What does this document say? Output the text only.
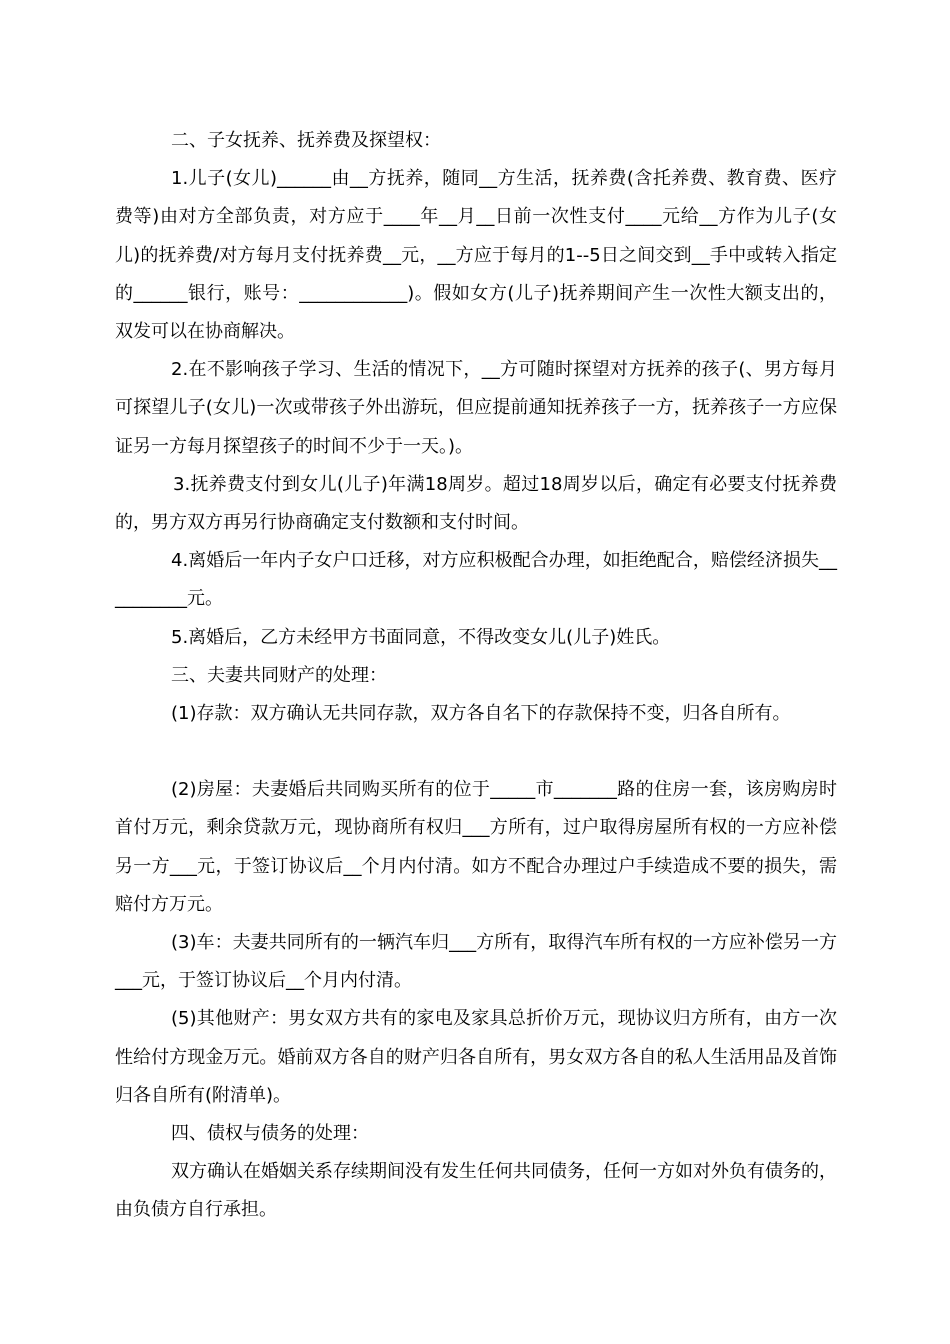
二、子女抚养、抚养费及探望权：

1.儿子(女儿)______由__方抚养，随同__方生活，抚养费(含托养费、教育费、医疗费等)由对方全部负责，对方应于____年__月__日前一次性支付____元给__方作为儿子(女儿)的抚养费/对方每月支付抚养费__元，__方应于每月的1--5日之间交到__手中或转入指定的______银行，账号：____________)。假如女方(儿子)抚养期间产生一次性大额支出的，双发可以在协商解决。

2.在不影响孩子学习、生活的情况下，__方可随时探望对方抚养的孩子(、男方每月可探望儿子(女儿)一次或带孩子外出游玩，但应提前通知抚养孩子一方，抚养孩子一方应保证另一方每月探望孩子的时间不少于一天。)。

3.抚养费支付到女儿(儿子)年满18周岁。超过18周岁以后，确定有必要支付抚养费的，男方双方再另行协商确定支付数额和支付时间。

4.离婚后一年内子女户口迁移，对方应积极配合办理，如拒绝配合，赔偿经济损失__________元。

5.离婚后，乙方未经甲方书面同意，不得改变女儿(儿子)姓氏。

三、夫妻共同财产的处理：

(1)存款：双方确认无共同存款，双方各自名下的存款保持不变，归各自所有。

(2)房屋：夫妻婚后共同购买所有的位于_____市_______路的住房一套，该房购房时首付万元，剩余贷款万元，现协商所有权归___方所有，过户取得房屋所有权的一方应补偿另一方___元，于签订协议后__个月内付清。如方不配合办理过户手续造成不要的损失，需赔付方万元。

(3)车：夫妻共同所有的一辆汽车归___方所有，取得汽车所有权的一方应补偿另一方___元，于签订协议后__个月内付清。

(5)其他财产：男女双方共有的家电及家具总折价万元，现协议归方所有，由方一次性给付方现金万元。婚前双方各自的财产归各自所有，男女双方各自的私人生活用品及首饰归各自所有(附清单)。

四、债权与债务的处理：

双方确认在婚姻关系存续期间没有发生任何共同债务，任何一方如对外负有债务的，由负债方自行承担。
